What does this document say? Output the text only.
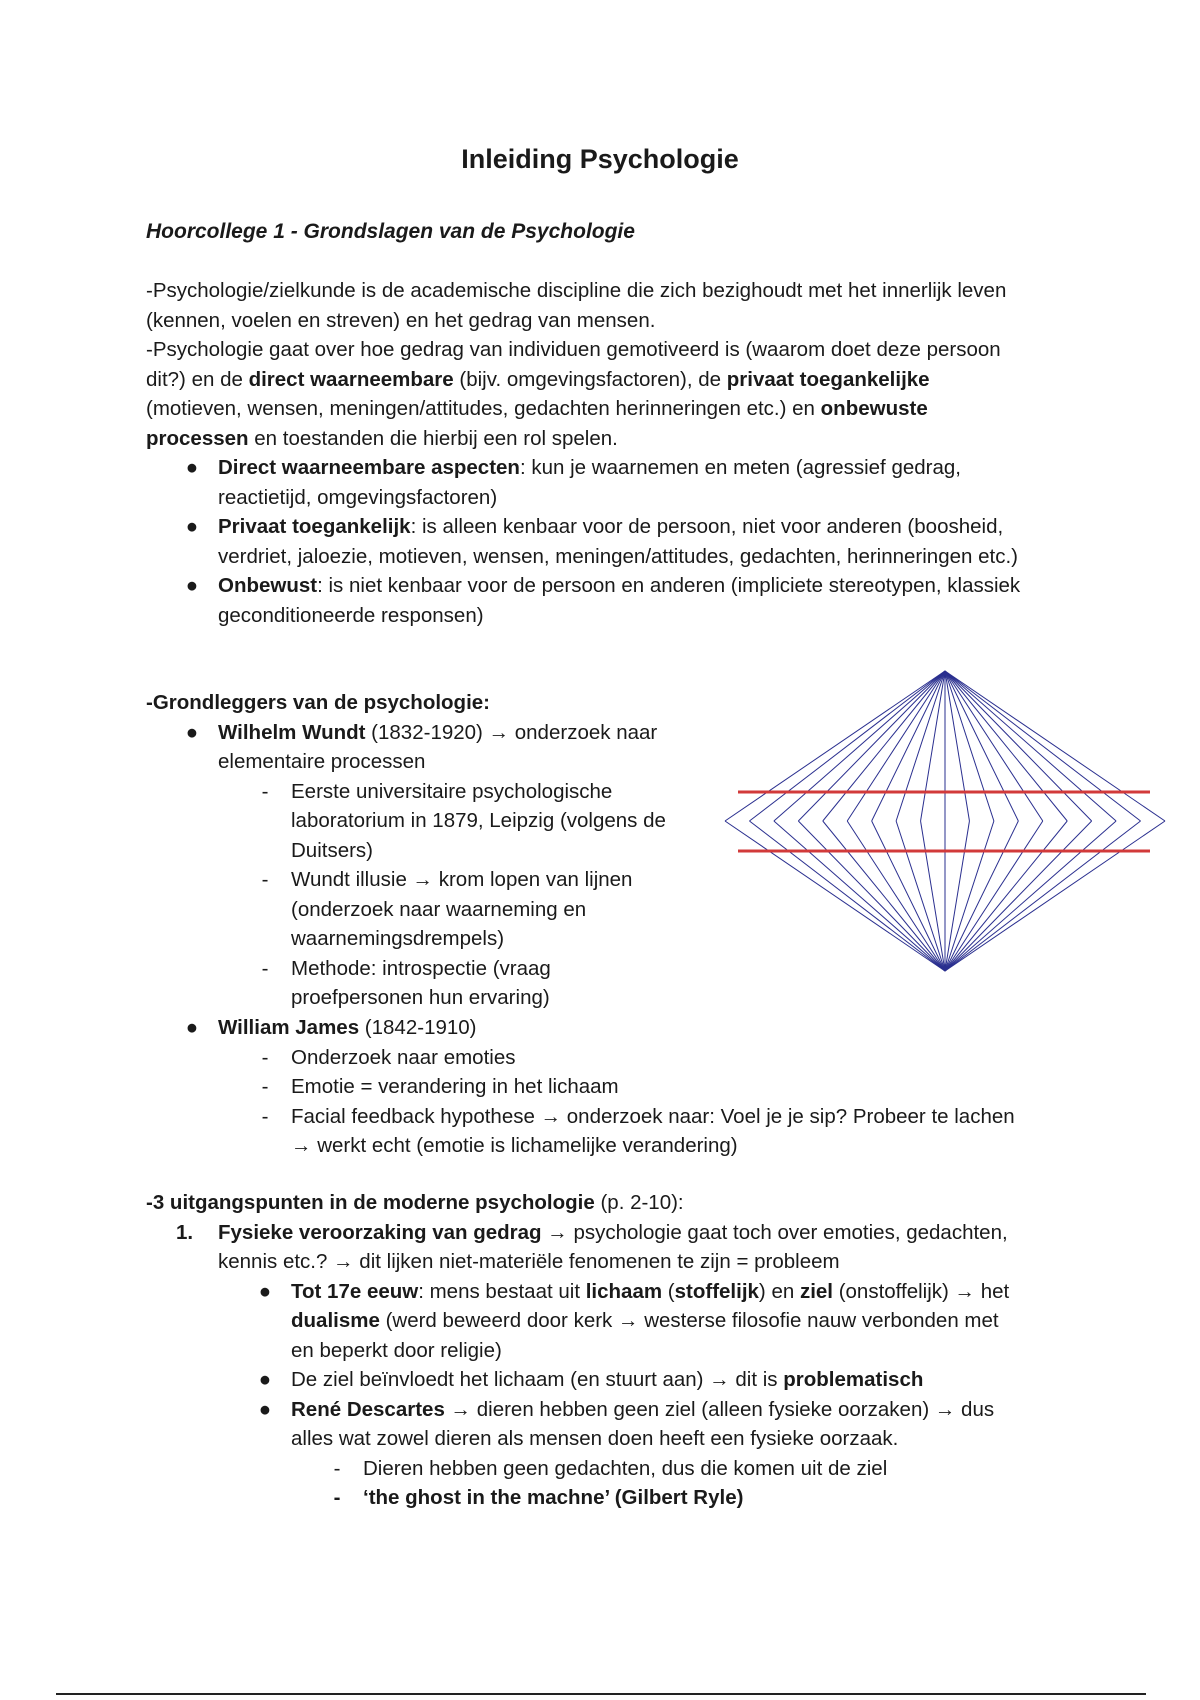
Inleiding Psychologie
Hoorcollege 1 - Grondslagen van de Psychologie
-Psychologie/zielkunde is de academische discipline die zich bezighoudt met het innerlijk leven (kennen, voelen en streven) en het gedrag van mensen.
-Psychologie gaat over hoe gedrag van individuen gemotiveerd is (waarom doet deze persoon dit?) en de direct waarneembare (bijv. omgevingsfactoren), de privaat toegankelijke (motieven, wensen, meningen/attitudes, gedachten herinneringen etc.) en onbewuste processen en toestanden die hierbij een rol spelen.
● Direct waarneembare aspecten: kun je waarnemen en meten (agressief gedrag, reactietijd, omgevingsfactoren)
● Privaat toegankelijk: is alleen kenbaar voor de persoon, niet voor anderen (boosheid, verdriet, jaloezie, motieven, wensen, meningen/attitudes, gedachten, herinneringen etc.)
● Onbewust: is niet kenbaar voor de persoon en anderen (impliciete stereotypen, klassiek geconditioneerde responsen)
-Grondleggers van de psychologie:
● Wilhelm Wundt (1832-1920) → onderzoek naar elementaire processen
-	Eerste universitaire psychologische laboratorium in 1879, Leipzig (volgens de Duitsers)
-	Wundt illusie → krom lopen van lijnen (onderzoek naar waarneming en waarnemingsdrempels)
-	Methode: introspectie (vraag proefpersonen hun ervaring)
● William James (1842-1910)
-	Onderzoek naar emoties
-	Emotie = verandering in het lichaam
-	Facial feedback hypothese → onderzoek naar: Voel je je sip? Probeer te lachen → werkt echt (emotie is lichamelijke verandering)
-3 uitgangspunten in de moderne psychologie (p. 2-10):
1. Fysieke veroorzaking van gedrag → psychologie gaat toch over emoties, gedachten, kennis etc.? → dit lijken niet-materiële fenomenen te zijn = probleem
● Tot 17e eeuw: mens bestaat uit lichaam (stoffelijk) en ziel (onstoffelijk) → het dualisme (werd beweerd door kerk → westerse filosofie nauw verbonden met en beperkt door religie)
● De ziel beïnvloedt het lichaam (en stuurt aan) → dit is problematisch
● René Descartes → dieren hebben geen ziel (alleen fysieke oorzaken) → dus alles wat zowel dieren als mensen doen heeft een fysieke oorzaak.
-	Dieren hebben geen gedachten, dus die komen uit de ziel
-	‘the ghost in the machne’ (Gilbert Ryle)
